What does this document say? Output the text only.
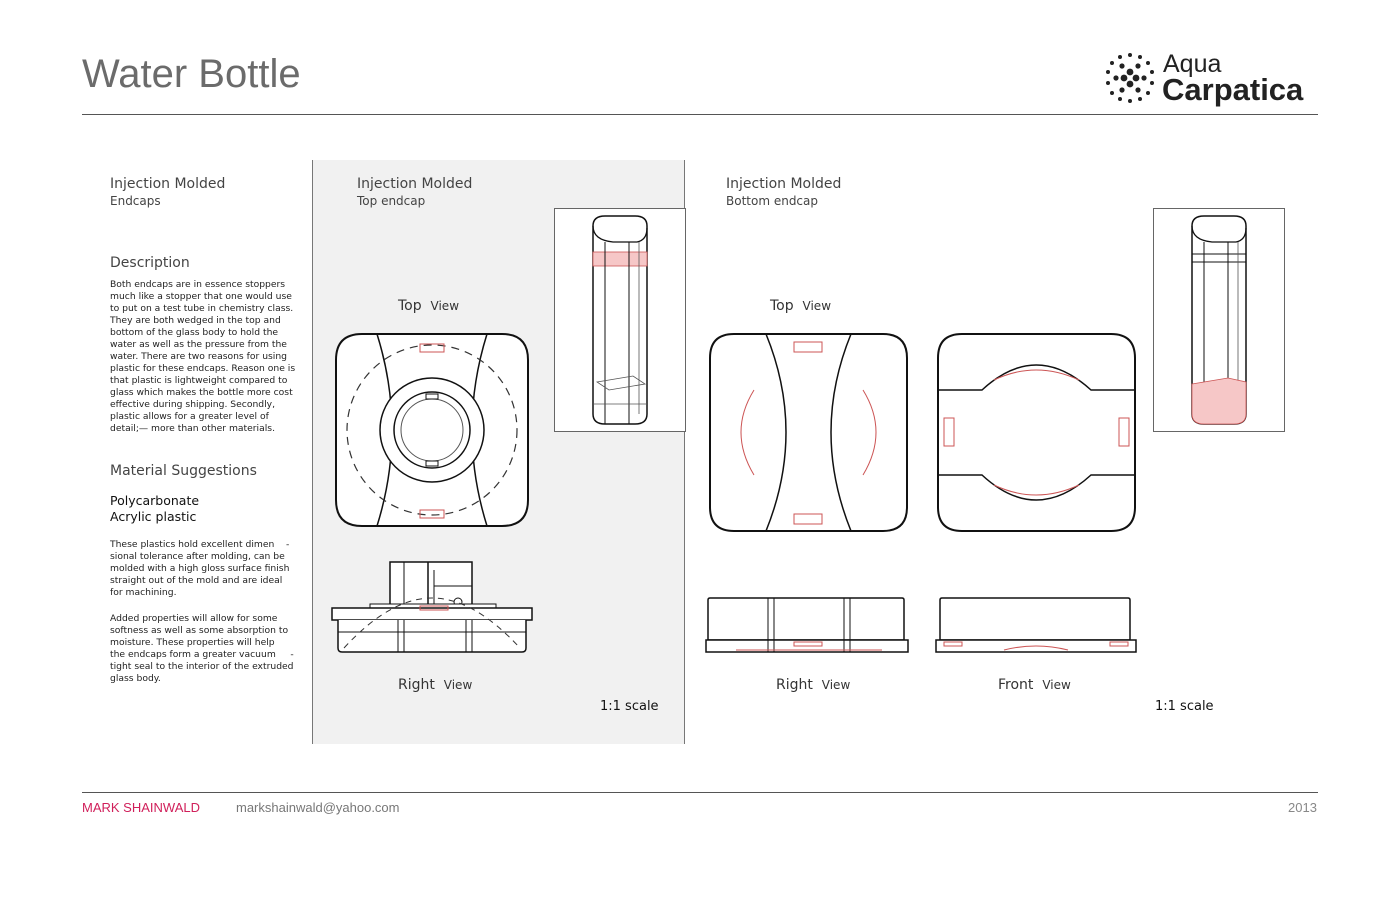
Water Bottle	Aqua
Carpatica
Injection Molded
Endcaps
Description
Both endcaps are in essence stoppers
much like a stopper that one would use
to put on a test tube in chemistry class.
They are both wedged in the top and
bottom of the glass body to hold the
water as well as the pressure from the
water. There are two reasons for using
plastic for these endcaps. Reason one is
that plastic is lightweight compared to
glass which makes the bottle more cost
effective during shipping. Secondly,
plastic allows for a greater level of
detail;— more than other materials.
Material Suggestions
Polycarbonate
Acrylic plastic
These plastics hold excellent dimen    -
sional tolerance after molding, can be
molded with a high gloss surface finish
straight out of the mold and are ideal
for machining.
Added properties will allow for some
softness as well as some absorption to
moisture. These properties will help
the endcaps form a greater vacuum     -
tight seal to the interior of the extruded
glass body.
Injection Molded
Top endcap
Top View
Right View
1:1 scale
Injection Molded
Bottom endcap
Top View
Right View	Front View
1:1 scale
MARK SHAINWALD	markshainwald@yahoo.com	2013
